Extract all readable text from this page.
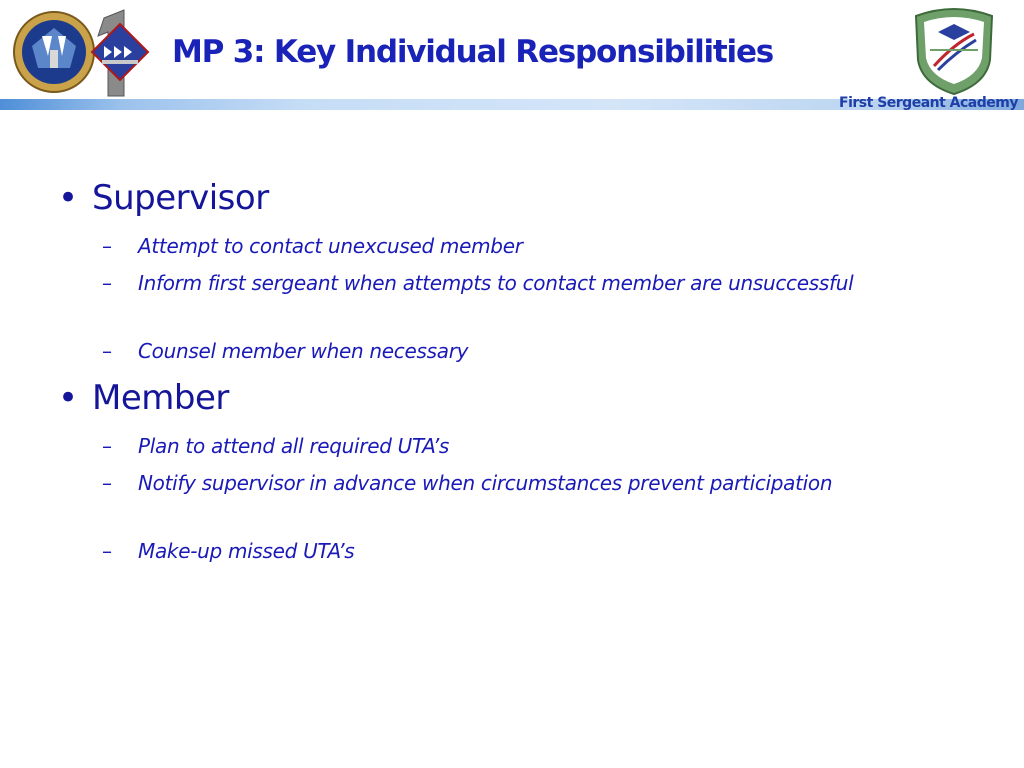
MP 3: Key Individual Responsibilities
First Sergeant Academy
• Supervisor
– Attempt to contact unexcused member
– Inform first sergeant when attempts to contact member are unsuccessful
– Counsel member when necessary
• Member
– Plan to attend all required UTA’s
– Notify supervisor in advance when circumstances prevent participation
– Make-up missed UTA’s
